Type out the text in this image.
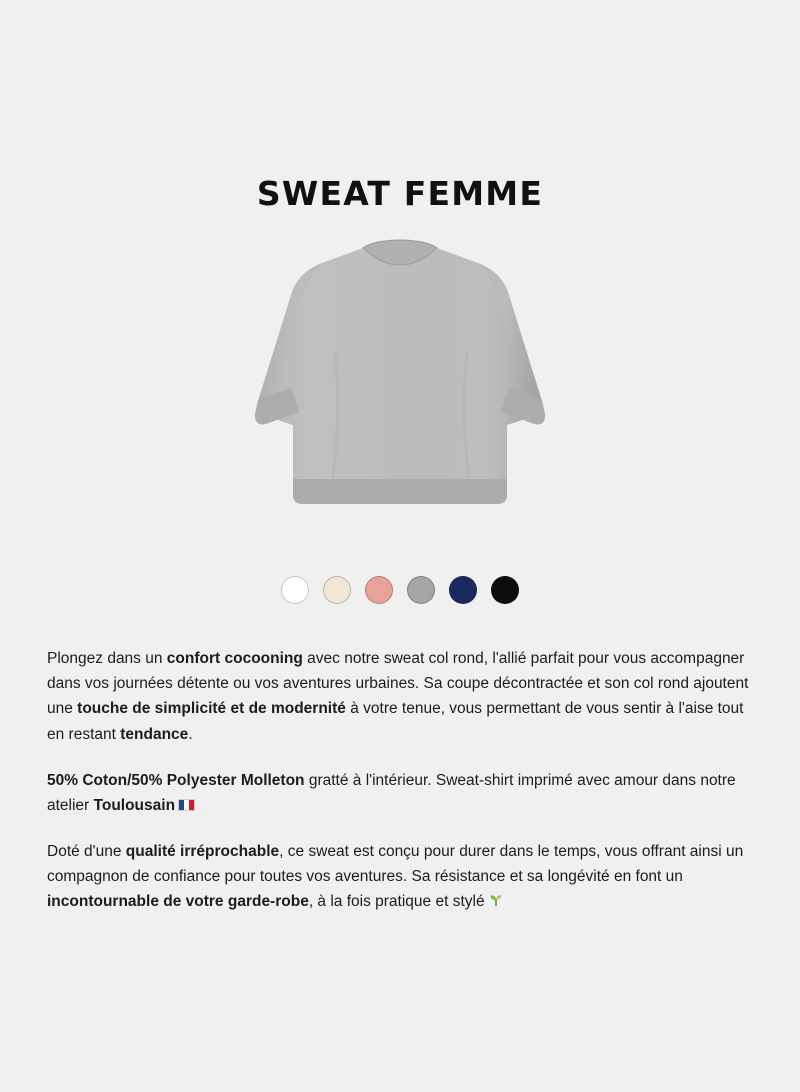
SWEAT FEMME

Plongez dans un confort cocooning avec notre sweat col rond, l'allié parfait pour vous accompagner dans vos journées détente ou vos aventures urbaines. Sa coupe décontractée et son col rond ajoutent une touche de simplicité et de modernité à votre tenue, vous permettant de vous sentir à l'aise tout en restant tendance.

50% Coton/50% Polyester Molleton gratté à l'intérieur. Sweat-shirt imprimé avec amour dans notre atelier Toulousain

Doté d'une qualité irréprochable, ce sweat est conçu pour durer dans le temps, vous offrant ainsi un compagnon de confiance pour toutes vos aventures. Sa résistance et sa longévité en font un incontournable de votre garde-robe, à la fois pratique et stylé
